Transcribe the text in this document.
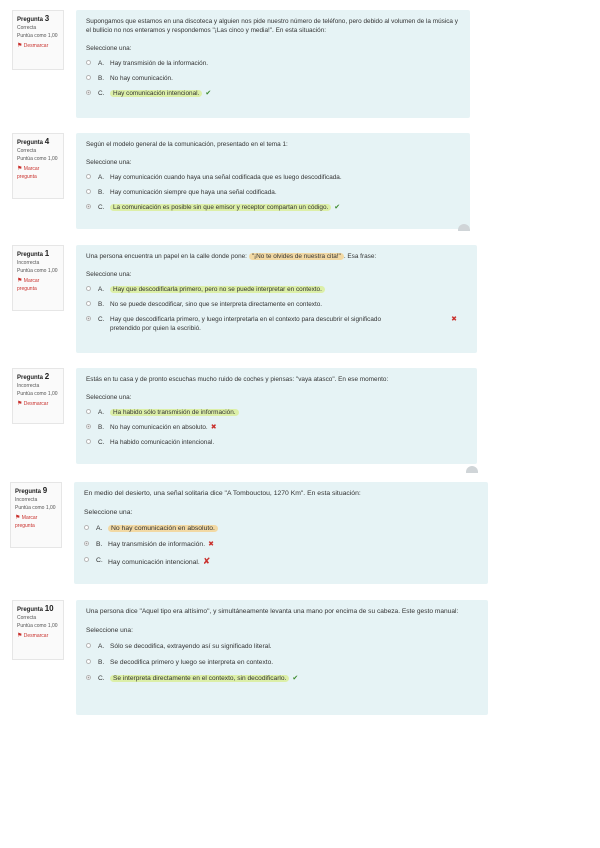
Pregunta 3
Correcta
Puntúa como 1,00
⚑ Desmarcar
Supongamos que estamos en una discoteca y alguien nos pide nuestro número de teléfono, pero debido al volumen de la música y el bullicio no nos enteramos y respondemos "¡Las cinco y media!". En esta situación:
Seleccione una:
A. Hay transmisión de la información.
B. No hay comunicación.
C.	Hay comunicación intencional. ✔
Pregunta 4
Correcta
Puntúa como 1,00
⚑ Marcar pregunta
Según el modelo general de la comunicación, presentado en el tema 1:
Seleccione una:
A. Hay comunicación cuando haya una señal codificada que es luego descodificada.
B. Hay comunicación siempre que haya una señal codificada.
C.	La comunicación es posible sin que emisor y receptor compartan un código. ✔
Pregunta 1
Incorrecta
Puntúa como 1,00
⚑ Marcar pregunta
Una persona encuentra un papel en la calle donde pone: "¡No te olvides de nuestra cita!" . Esa frase:
Seleccione una:
A.	Hay que descodificarla primero, pero no se puede interpretar en contexto.
B. No se puede descodificar, sino que se interpreta directamente en contexto.
C. Hay que descodificarla primero, y luego interpretarla en el contexto para descubrir el significado pretendido por quien la escribió.
✖
Pregunta 2
Incorrecta
Puntúa como 1,00
⚑ Desmarcar
Estás en tu casa y de pronto escuchas mucho ruido de coches y piensas: "vaya atasco". En ese momento:
Seleccione una:
A.	Ha habido sólo transmisión de información.
B. No hay comunicación en absoluto. ✖
C. Ha habido comunicación intencional.
Pregunta 9
Incorrecta
Puntúa como 1,00
⚑ Marcar pregunta
En medio del desierto, una señal solitaria dice "A Tombouctou, 1270 Km". En esta situación:
Seleccione una:
A.	No hay comunicación en absoluto.
B. Hay transmisión de información. ✖
C. Hay comunicación intencional. ✘
Pregunta 10
Correcta
Puntúa como 1,00
⚑ Desmarcar
Una persona dice "Aquel tipo era altísimo", y simultáneamente levanta una mano por encima de su cabeza. Este gesto manual:
Seleccione una:
A. Sólo se decodifica, extrayendo así su significado literal.
B. Se decodifica primero y luego se interpreta en contexto.
C.	Se interpreta directamente en el contexto, sin decodificarlo. ✔
